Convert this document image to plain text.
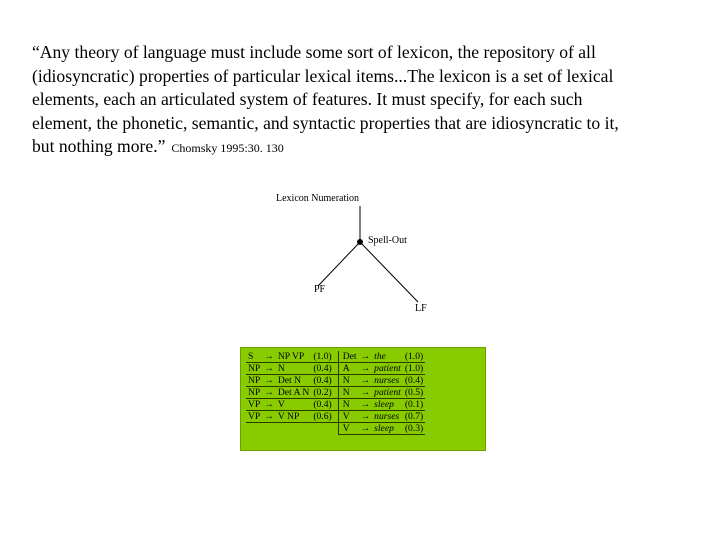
“Any theory of language must include some sort of lexicon, the repository of all
(idiosyncratic) properties of particular lexical items...The lexicon is a set of lexical
elements, each an articulated system of features. It must specify, for each such
element, the phonetic, semantic, and syntactic properties that are idiosyncratic to it,
but nothing more.” Chomsky 1995:30. 130
Lexicon Numeration
Spell-Out
PF
LF
S	→	NP VP	(1.0)	Det	→	the	(1.0)
NP	→	N	(0.4)	A	→	patient	(1.0)
NP	→	Det N	(0.4)	N	→	nurses	(0.4)
NP	→	Det A N	(0.2)	N	→	patient	(0.5)
VP	→	V	(0.4)	N	→	sleep	(0.1)
VP	→	V NP	(0.6)	V	→	nurses	(0.7)
				V	→	sleep	(0.3)
